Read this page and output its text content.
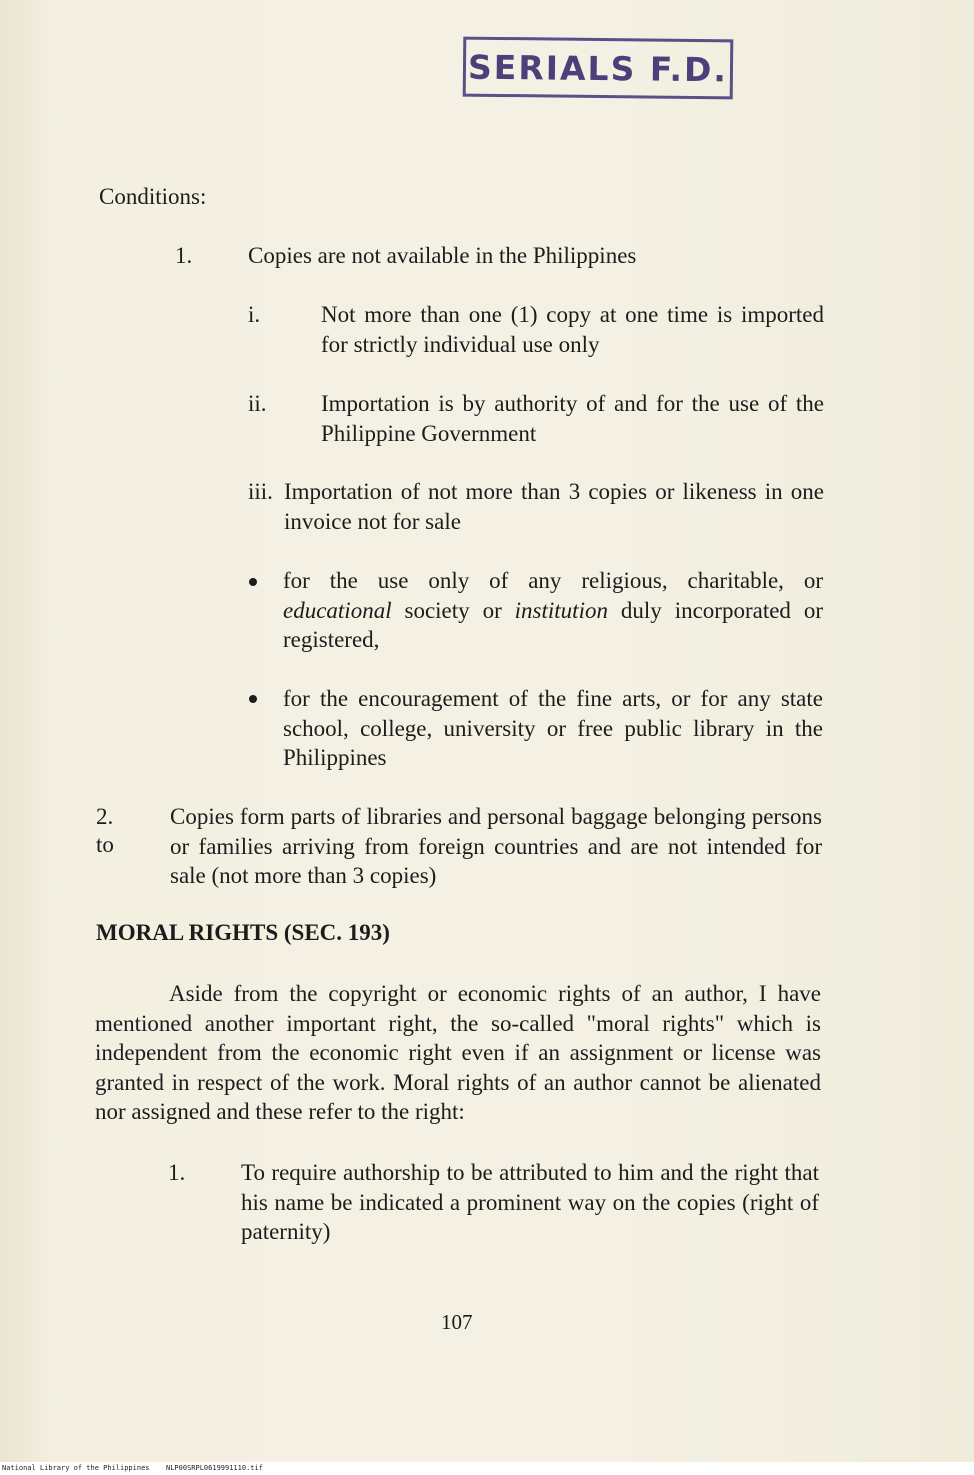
SERIALS F.D.
Conditions:
1. Copies are not available in the Philippines
i.	Not more than one (1) copy at one time is imported for strictly individual use only
ii. Importation is by authority of and for the use of the Philippine Government
iii. Importation of not more than 3 copies or likeness in one invoice not for sale
for the use only of any religious, charitable, or educational society or institution duly incorporated or registered,
for the encouragement of the fine arts, or for any state school, college, university or free public library in the Philippines
2.
to
Copies form parts of libraries and personal baggage belonging persons or families arriving from foreign countries and are not intended for sale (not more than 3 copies)
MORAL RIGHTS (SEC. 193)
Aside from the copyright or economic rights of an author, I have mentioned another important right, the so-called "moral rights" which is independent from the economic right even if an assignment or license was granted in respect of the work. Moral rights of an author cannot be alienated nor assigned and these refer to the right:
1. To require authorship to be attributed to him and the right that his name be indicated a prominent way on the copies (right of paternity)
107
National Library of the Philippines NLP00SRPL0619991110.tif
